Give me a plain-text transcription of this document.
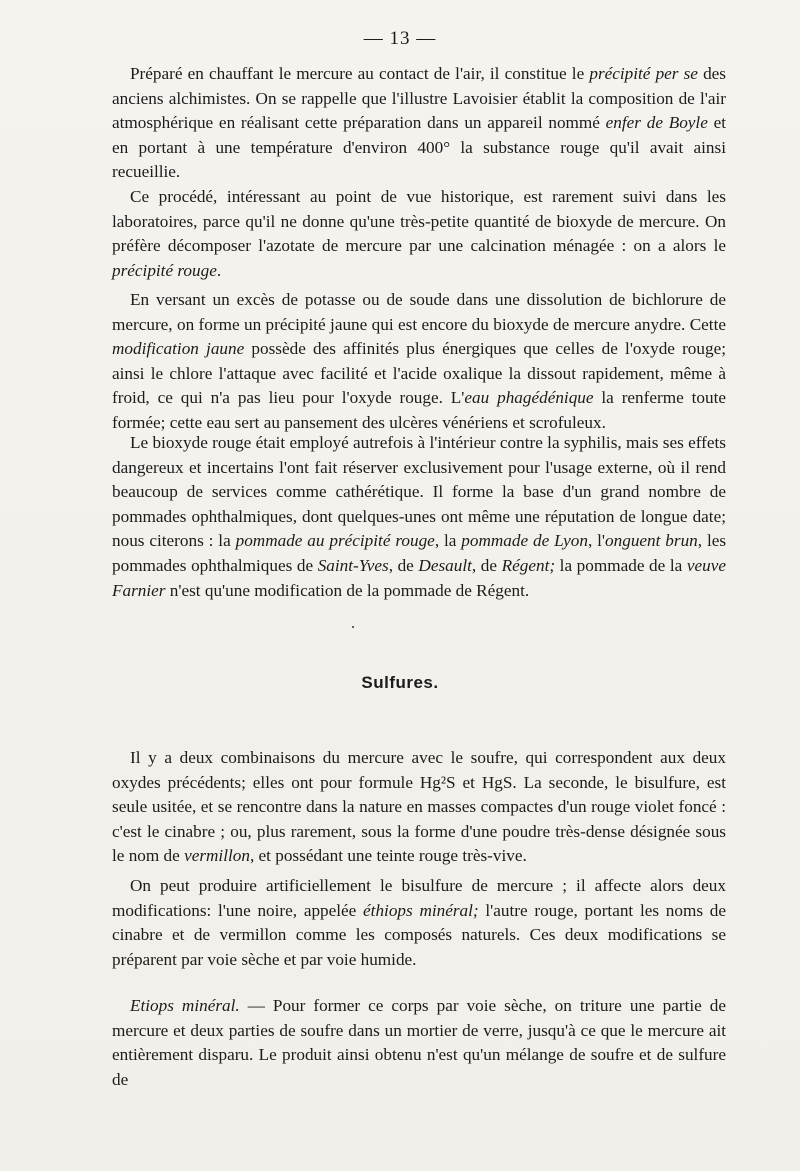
— 13 —

Préparé en chauffant le mercure au contact de l'air, il constitue le précipité per se des anciens alchimistes. On se rappelle que l'illustre Lavoisier établit la composition de l'air atmosphérique en réalisant cette préparation dans un appareil nommé enfer de Boyle et en portant à une température d'environ 400° la substance rouge qu'il avait ainsi recueillie.

Ce procédé, intéressant au point de vue historique, est rarement suivi dans les laboratoires, parce qu'il ne donne qu'une très-petite quantité de bioxyde de mercure. On préfère décomposer l'azotate de mercure par une calcination ménagée : on a alors le précipité rouge.

En versant un excès de potasse ou de soude dans une dissolution de bichlorure de mercure, on forme un précipité jaune qui est encore du bioxyde de mercure anydre. Cette modification jaune possède des affinités plus énergiques que celles de l'oxyde rouge; ainsi le chlore l'attaque avec facilité et l'acide oxalique la dissout rapidement, même à froid, ce qui n'a pas lieu pour l'oxyde rouge. L'eau phagédénique la renferme toute formée; cette eau sert au pansement des ulcères vénériens et scrofuleux.

Le bioxyde rouge était employé autrefois à l'intérieur contre la syphilis, mais ses effets dangereux et incertains l'ont fait réserver exclusivement pour l'usage externe, où il rend beaucoup de services comme cathérétique. Il forme la base d'un grand nombre de pommades ophthalmiques, dont quelques-unes ont même une réputation de longue date; nous citerons : la pommade au précipité rouge, la pommade de Lyon, l'onguent brun, les pommades ophthalmiques de Saint-Yves, de Desault, de Régent; la pommade de la veuve Farnier n'est qu'une modification de la pommade de Régent.

Sulfures.

Il y a deux combinaisons du mercure avec le soufre, qui correspondent aux deux oxydes précédents; elles ont pour formule Hg²S et HgS. La seconde, le bisulfure, est seule usitée, et se rencontre dans la nature en masses compactes d'un rouge violet foncé : c'est le cinabre ; ou, plus rarement, sous la forme d'une poudre très-dense désignée sous le nom de vermillon, et possédant une teinte rouge très-vive.

On peut produire artificiellement le bisulfure de mercure ; il affecte alors deux modifications: l'une noire, appelée éthiops minéral; l'autre rouge, portant les noms de cinabre et de vermillon comme les composés naturels. Ces deux modifications se préparent par voie sèche et par voie humide.

Etiops minéral. — Pour former ce corps par voie sèche, on triture une partie de mercure et deux parties de soufre dans un mortier de verre, jusqu'à ce que le mercure ait entièrement disparu. Le produit ainsi obtenu n'est qu'un mélange de soufre et de sulfure de
